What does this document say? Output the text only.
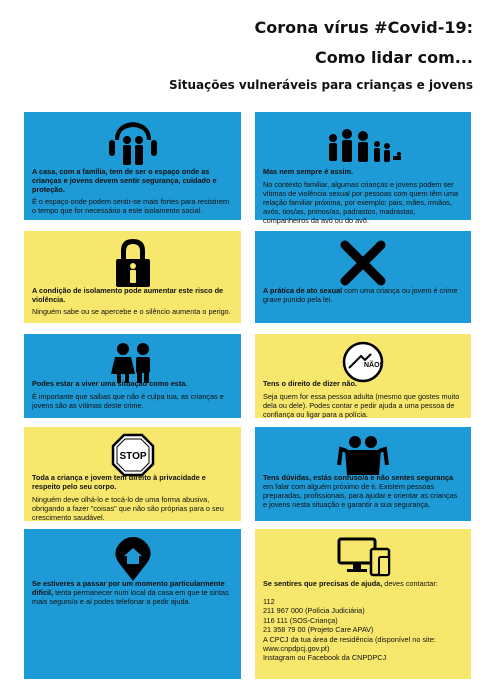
Corona vírus #Covid-19:
Como lidar com...
Situações vulneráveis para crianças e jovens
A casa, com a família, tem de ser o espaço onde as crianças e jovens devem sentir segurança, cuidado e proteção.
É o espaço onde podem sentir-se mais fortes para resistirem o tempo que for necessário a este isolamento social.
Mas nem sempre é assim.
No contexto familiar, algumas crianças e jovens podem ser vítimas de violência sexual por pessoas com quem têm uma relação familiar próxima, por exemplo: pais, mães, irmãos, avós, tios/as, primos/as, padrastos, madrastas, companheiros da avó ou do avô.
A condição de isolamento pode aumentar este risco de violência.
Ninguém sabe ou se apercebe e o silêncio aumenta o perigo.
A prática de ato sexual com uma criança ou jovem é crime grave punido pela lei.
Podes estar a viver uma situação como esta.
É importante que saibas que não é culpa tua, as crianças e jovens são as vítimas deste crime.
NÃO!
Tens o direito de dizer não.
Seja quem for essa pessoa adulta (mesmo que gostes muito dela ou dele). Podes contar e pedir ajuda a uma pessoa de confiança ou ligar para a polícia.
STOP
Toda a criança e jovem tem direito à privacidade e respeito pelo seu corpo.
Ninguém deve olhá-lo e tocá-lo de uma forma abusiva, obrigando a fazer "coisas" que não são próprias para o seu crescimento saudável.
Tens dúvidas, estás confuso/a e não sentes segurança em falar com alguém próximo de ti. Existem pessoas preparadas, profissionais, para ajudar e orientar as crianças e jovens nesta situação e garantir a sua segurança.
Se estiveres a passar por um momento particularmente difícil, tenta permanecer num local da casa em que te sintas mais seguro/a e aí podes telefonar a pedir ajuda.
Se sentires que precisas de ajuda, deves contactar:
112
211 967 000 (Polícia Judiciária)
116 111 (SOS-Criança)
21 358 79 00 (Projeto Care APAV)
A CPCJ da tua área de residência (disponível no site: www.cnpdpcj.gov.pt)
Instagram ou Facebook da CNPDPCJ
